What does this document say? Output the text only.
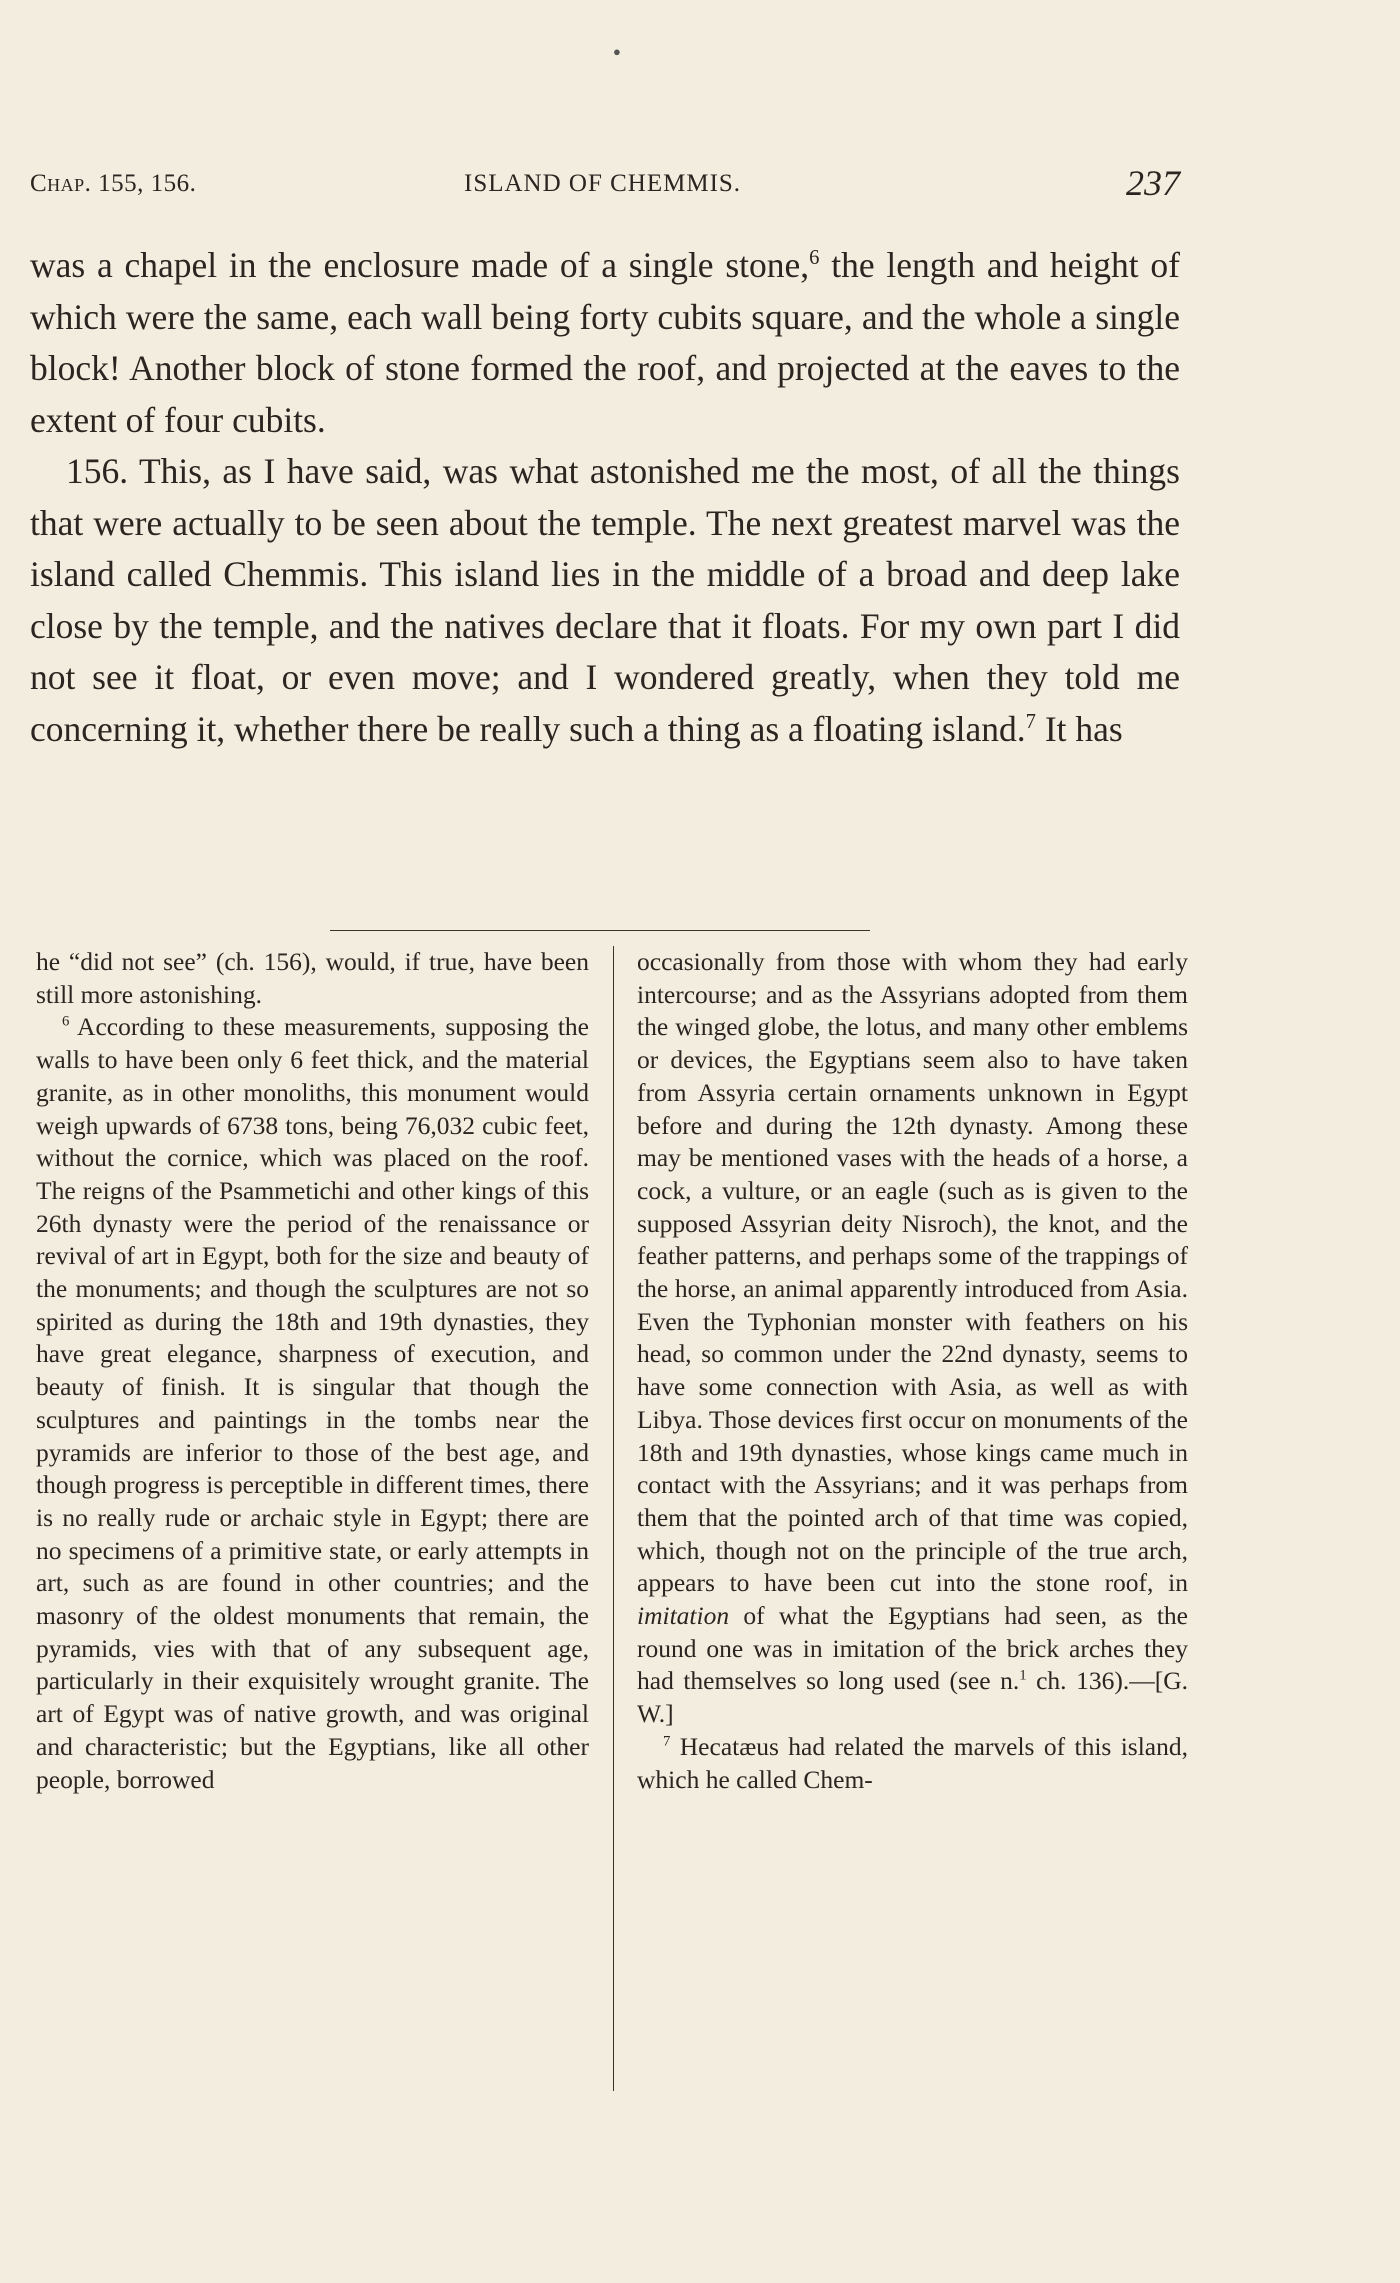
●
Chap. 155, 156.	ISLAND OF CHEMMIS.	237

was a chapel in the enclosure made of a single stone,$^6$ the length and height of which were the same, each wall being forty cubits square, and the whole a single block! Another block of stone formed the roof, and projected at the eaves to the extent of four cubits.

156. This, as I have said, was what astonished me the most, of all the things that were actually to be seen about the temple. The next greatest marvel was the island called Chemmis. This island lies in the middle of a broad and deep lake close by the temple, and the natives declare that it floats. For my own part I did not see it float, or even move; and I wondered greatly, when they told me concerning it, whether there be really such a thing as a floating island.$^7$ It has

he “did not see” (ch. 156), would, if true, have been still more astonishing.

$^6$ According to these measurements, supposing the walls to have been only 6 feet thick, and the material granite, as in other monoliths, this monument would weigh upwards of 6738 tons, being 76,032 cubic feet, without the cornice, which was placed on the roof. The reigns of the Psammetichi and other kings of this 26th dynasty were the period of the renaissance or revival of art in Egypt, both for the size and beauty of the monuments; and though the sculptures are not so spirited as during the 18th and 19th dynasties, they have great elegance, sharpness of execution, and beauty of finish. It is singular that though the sculptures and paintings in the tombs near the pyramids are inferior to those of the best age, and though progress is perceptible in different times, there is no really rude or archaic style in Egypt; there are no specimens of a primitive state, or early attempts in art, such as are found in other countries; and the masonry of the oldest monuments that remain, the pyramids, vies with that of any subsequent age, particularly in their exquisitely wrought granite. The art of Egypt was of native growth, and was original and characteristic; but the Egyptians, like all other people, borrowed

occasionally from those with whom they had early intercourse; and as the Assyrians adopted from them the winged globe, the lotus, and many other emblems or devices, the Egyptians seem also to have taken from Assyria certain ornaments unknown in Egypt before and during the 12th dynasty. Among these may be mentioned vases with the heads of a horse, a cock, a vulture, or an eagle (such as is given to the supposed Assyrian deity Nisroch), the knot, and the feather patterns, and perhaps some of the trappings of the horse, an animal apparently introduced from Asia. Even the Typhonian monster with feathers on his head, so common under the 22nd dynasty, seems to have some connection with Asia, as well as with Libya. Those devices first occur on monuments of the 18th and 19th dynasties, whose kings came much in contact with the Assyrians; and it was perhaps from them that the pointed arch of that time was copied, which, though not on the principle of the true arch, appears to have been cut into the stone roof, in imitation of what the Egyptians had seen, as the round one was in imitation of the brick arches they had themselves so long used (see n.$^1$ ch. 136).—[G. W.]

$^7$ Hecatæus had related the marvels of this island, which he called Chem-
